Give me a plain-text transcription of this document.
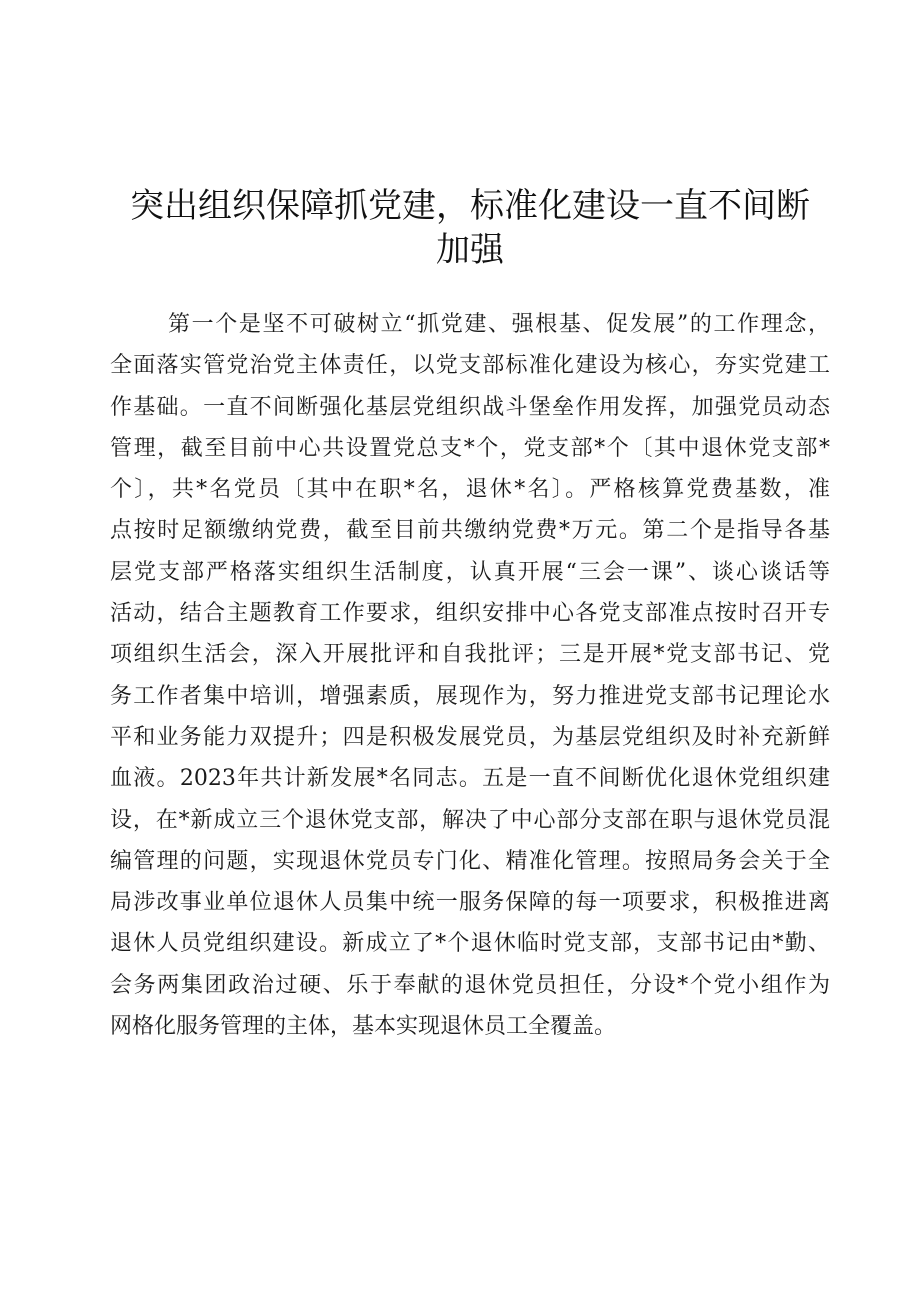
突出组织保障抓党建，标准化建设一直不间断
加强
第一个是坚不可破树立“抓党建、强根基、促发展”的工作理念，
全面落实管党治党主体责任，以党支部标准化建设为核心，夯实党建工
作基础。一直不间断强化基层党组织战斗堡垒作用发挥，加强党员动态
管理，截至目前中心共设置党总支*个，党支部*个〔其中退休党支部*
个〕，共*名党员〔其中在职*名，退休*名〕。严格核算党费基数，准
点按时足额缴纳党费，截至目前共缴纳党费*万元。第二个是指导各基
层党支部严格落实组织生活制度，认真开展“三会一课”、谈心谈话等
活动，结合主题教育工作要求，组织安排中心各党支部准点按时召开专
项组织生活会，深入开展批评和自我批评；三是开展*党支部书记、党
务工作者集中培训，增强素质，展现作为，努力推进党支部书记理论水
平和业务能力双提升；四是积极发展党员，为基层党组织及时补充新鲜
血液。2023年共计新发展*名同志。五是一直不间断优化退休党组织建
设，在*新成立三个退休党支部，解决了中心部分支部在职与退休党员混
编管理的问题，实现退休党员专门化、精准化管理。按照局务会关于全
局涉改事业单位退休人员集中统一服务保障的每一项要求，积极推进离
退休人员党组织建设。新成立了*个退休临时党支部，支部书记由*勤、
会务两集团政治过硬、乐于奉献的退休党员担任，分设*个党小组作为
网格化服务管理的主体，基本实现退休员工全覆盖。
